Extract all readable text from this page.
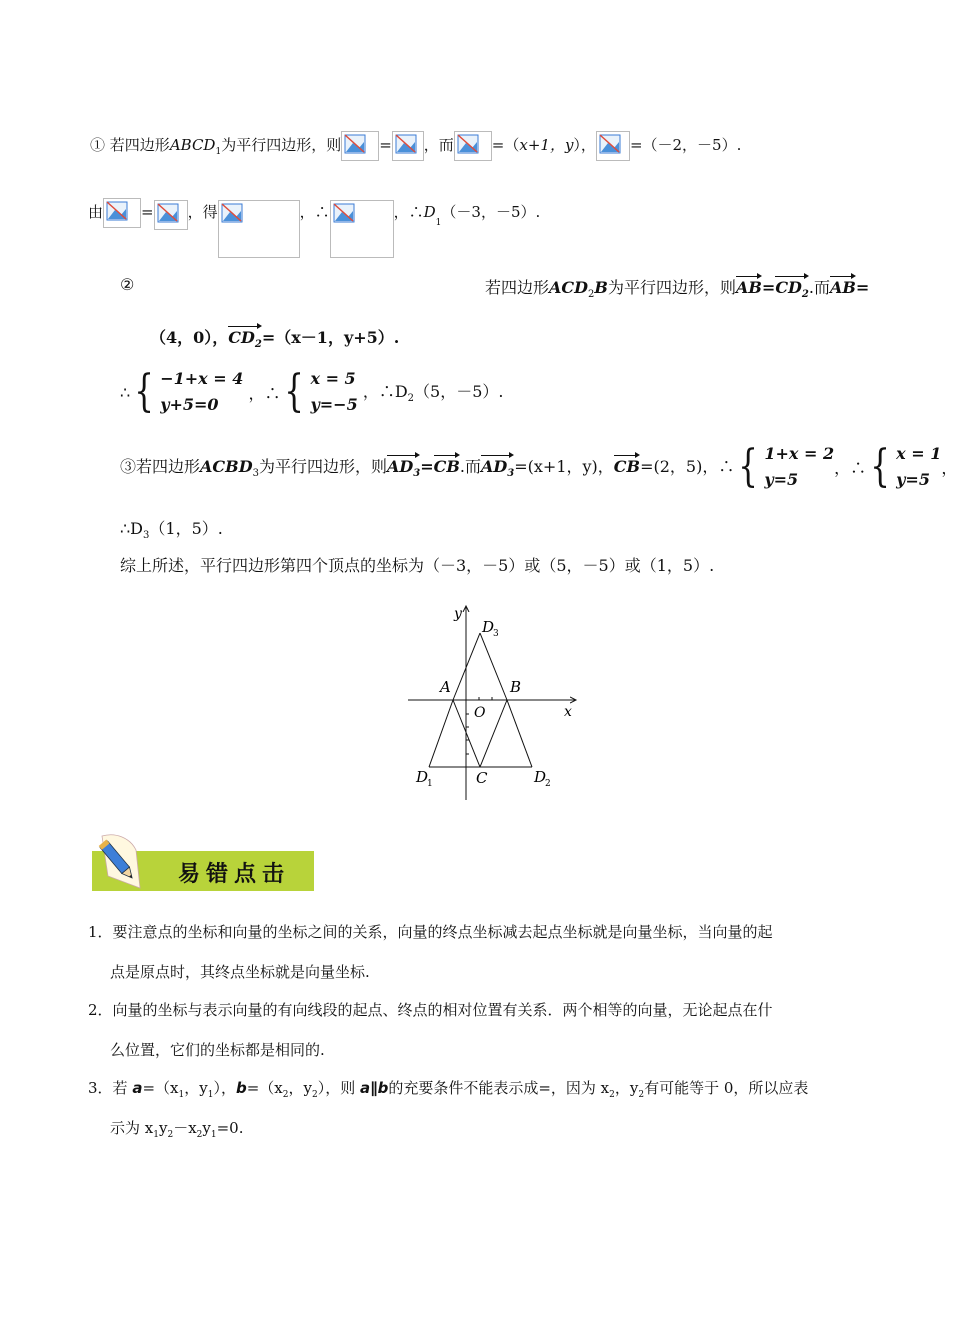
① 若四边形$ABCD_1$为平行四边形，则	= ，而	=（x+1，y）， =（－2，－5）.
由	= ，得	，∴	，$\therefore D_1(-3$，－5）.
②	若四边形$ACD_2B$为平行四边形，则$AB=CD_2$.而AB=
（4，0），$CD_2=(x-1$，y+5）.
∴ { −1+x = 4
y+5=0

，∴ { x = 5
y=−5
，$\therefore D_2(5$，－5）.
③若四边形$ACBD_3$为平行四边形，则$AD_3=CB$.而$AD_3=(x+1$，y)，CB=(2，5)，∴ { 1+x = 2
y=5
，∴ { x = 1
y=5
，
$\therefore D_3(1$，5）.
综上所述，平行四边形第四个顶点的坐标为（－3，－5）或（5，－5）或（1，5）.
y
x
O
A	B
C
D
1	D
2
D
3
易错点击
1．要注意点的坐标和向量的坐标之间的关系，向量的终点坐标减去起点坐标就是向量坐标，当向量的起
点是原点时，其终点坐标就是向量坐标.
2．向量的坐标与表示向量的有向线段的起点、终点的相对位置有关系．两个相等的向量，无论起点在什
么位置，它们的坐标都是相同的.
3．若 $a=(x_1$，$y_1$），$b=(x_2$，$y_2$），则 a∥b的充要条件不能表示成=，因为 $x_2$，$y_2$有可能等于 0，所以应表
示为 $x_1y_2-x_2y_1=0$.
